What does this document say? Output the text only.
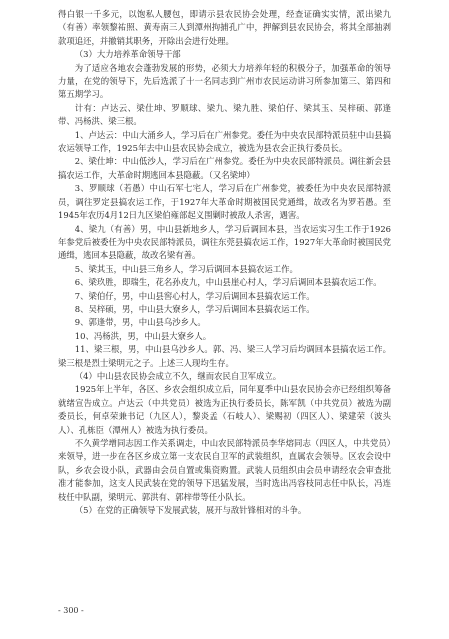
得白银一千多元，以饱私人腰包，即请示县农民协会处理，经查证确实实情，派出梁九（有善）率领黎祐照、黄寿南三人到潭州拘捕孔广中，押解到县农民协会，将其全部抽剥款项追还，并撤销其职务，开除出会进行处理。

（3）大力培养革命领导干部

为了适应各地农会蓬勃发展的形势，必须大力培养年轻的积极分子，加强革命的领导力量，在党的领导下，先后选派了十一名同志到广州市农民运动讲习所参加第三、第四和第五期学习。

计有：卢达云、梁仕坤、罗顺球、梁九、梁九胜、梁伯仔、梁其玉、吴梓硕、郭逢带、冯杨洪、梁三根。

1、卢达云：中山大涌乡人，学习后在广州参党。委任为中央农民部特派员驻中山县搞农运领导工作，1925年去中山县农民协会成立，被选为县农会正执行委员长。

2、梁仕坤：中山低沙人，学习后在广州参党。委任为中央农民部特派员。调往新会县搞农运工作，大革命时期逃回本县隐蔽。（又名梁坤）

3、罗顺球（若愚）中山石军七宅人，学习后在广州参党，被委任为中央农民部特派员，调往罗定县搞农运工作，于1927年大革命时期被国民党通缉，故改名为罗若愚。至1945年农历4月12日九区梁伯雍部起义围剿时被敌人杀害，遇害。

4、梁九（有善）男，中山县新地乡人，学习后调回本县，当农运实习生工作于1926年参党后被委任为中央农民部特派员，调往东莞县搞农运工作，1927年大革命时被国民党通缉，逃回本县隐蔽，故改名梁有善。

5、梁其玉，中山县三角乡人，学习后调回本县搞农运工作。

6、梁玖胜，即瑞生，花名孙皮九，中山县崖心村人，学习后调回本县搞农运工作。

7、梁伯仔，男，中山县窖心村人，学习后调回本县搞农运工作。

8、吴梓硕，男，中山县大寮乡人，学习后调回本县搞农运工作。

9、郭逢带，男，中山县乌沙乡人。

10、冯杨洪，男，中山县大寮乡人。

11、梁三根，男，中山县乌沙乡人。郭、冯、梁三人学习后均调回本县搞农运工作。梁三根是烈士梁明元之子。上述三人现均生存。

（4）中山县农民协会成立不久，继而农民自卫军成立。

1925年上半年，各区、乡农会组织成立后，同年夏季中山县农民协会亦已经组织筹备就绪宣告成立。卢达云（中共党员）被选为正执行委员长，陈军凯（中共党员）被选为副委员长，何卓荣兼书记（九区人），黎炎孟（石岐人）、梁赐初（四区人）、梁建荣（波头人）、孔栋臣（潭州人）被选为执行委员。

不久黄学增同志因工作关系调走，中山农民部特派员李华熔同志（四区人，中共党员）来领导，进一步在各区乡成立第一支农民自卫军的武装组织，直属农会领导。区农会设中队，乡农会设小队，武器由会员自置或集资购置。武装人员组织由会员申请经农会审查批准才能参加，这支人民武装在党的领导下迅猛发展，当时选出冯容枝同志任中队长，冯连枝任中队副，梁明元、郭洪有、郭梓带等任小队长。

（5）在党的正确领导下发展武装，展开与敌针锋相对的斗争。

- 300 -
